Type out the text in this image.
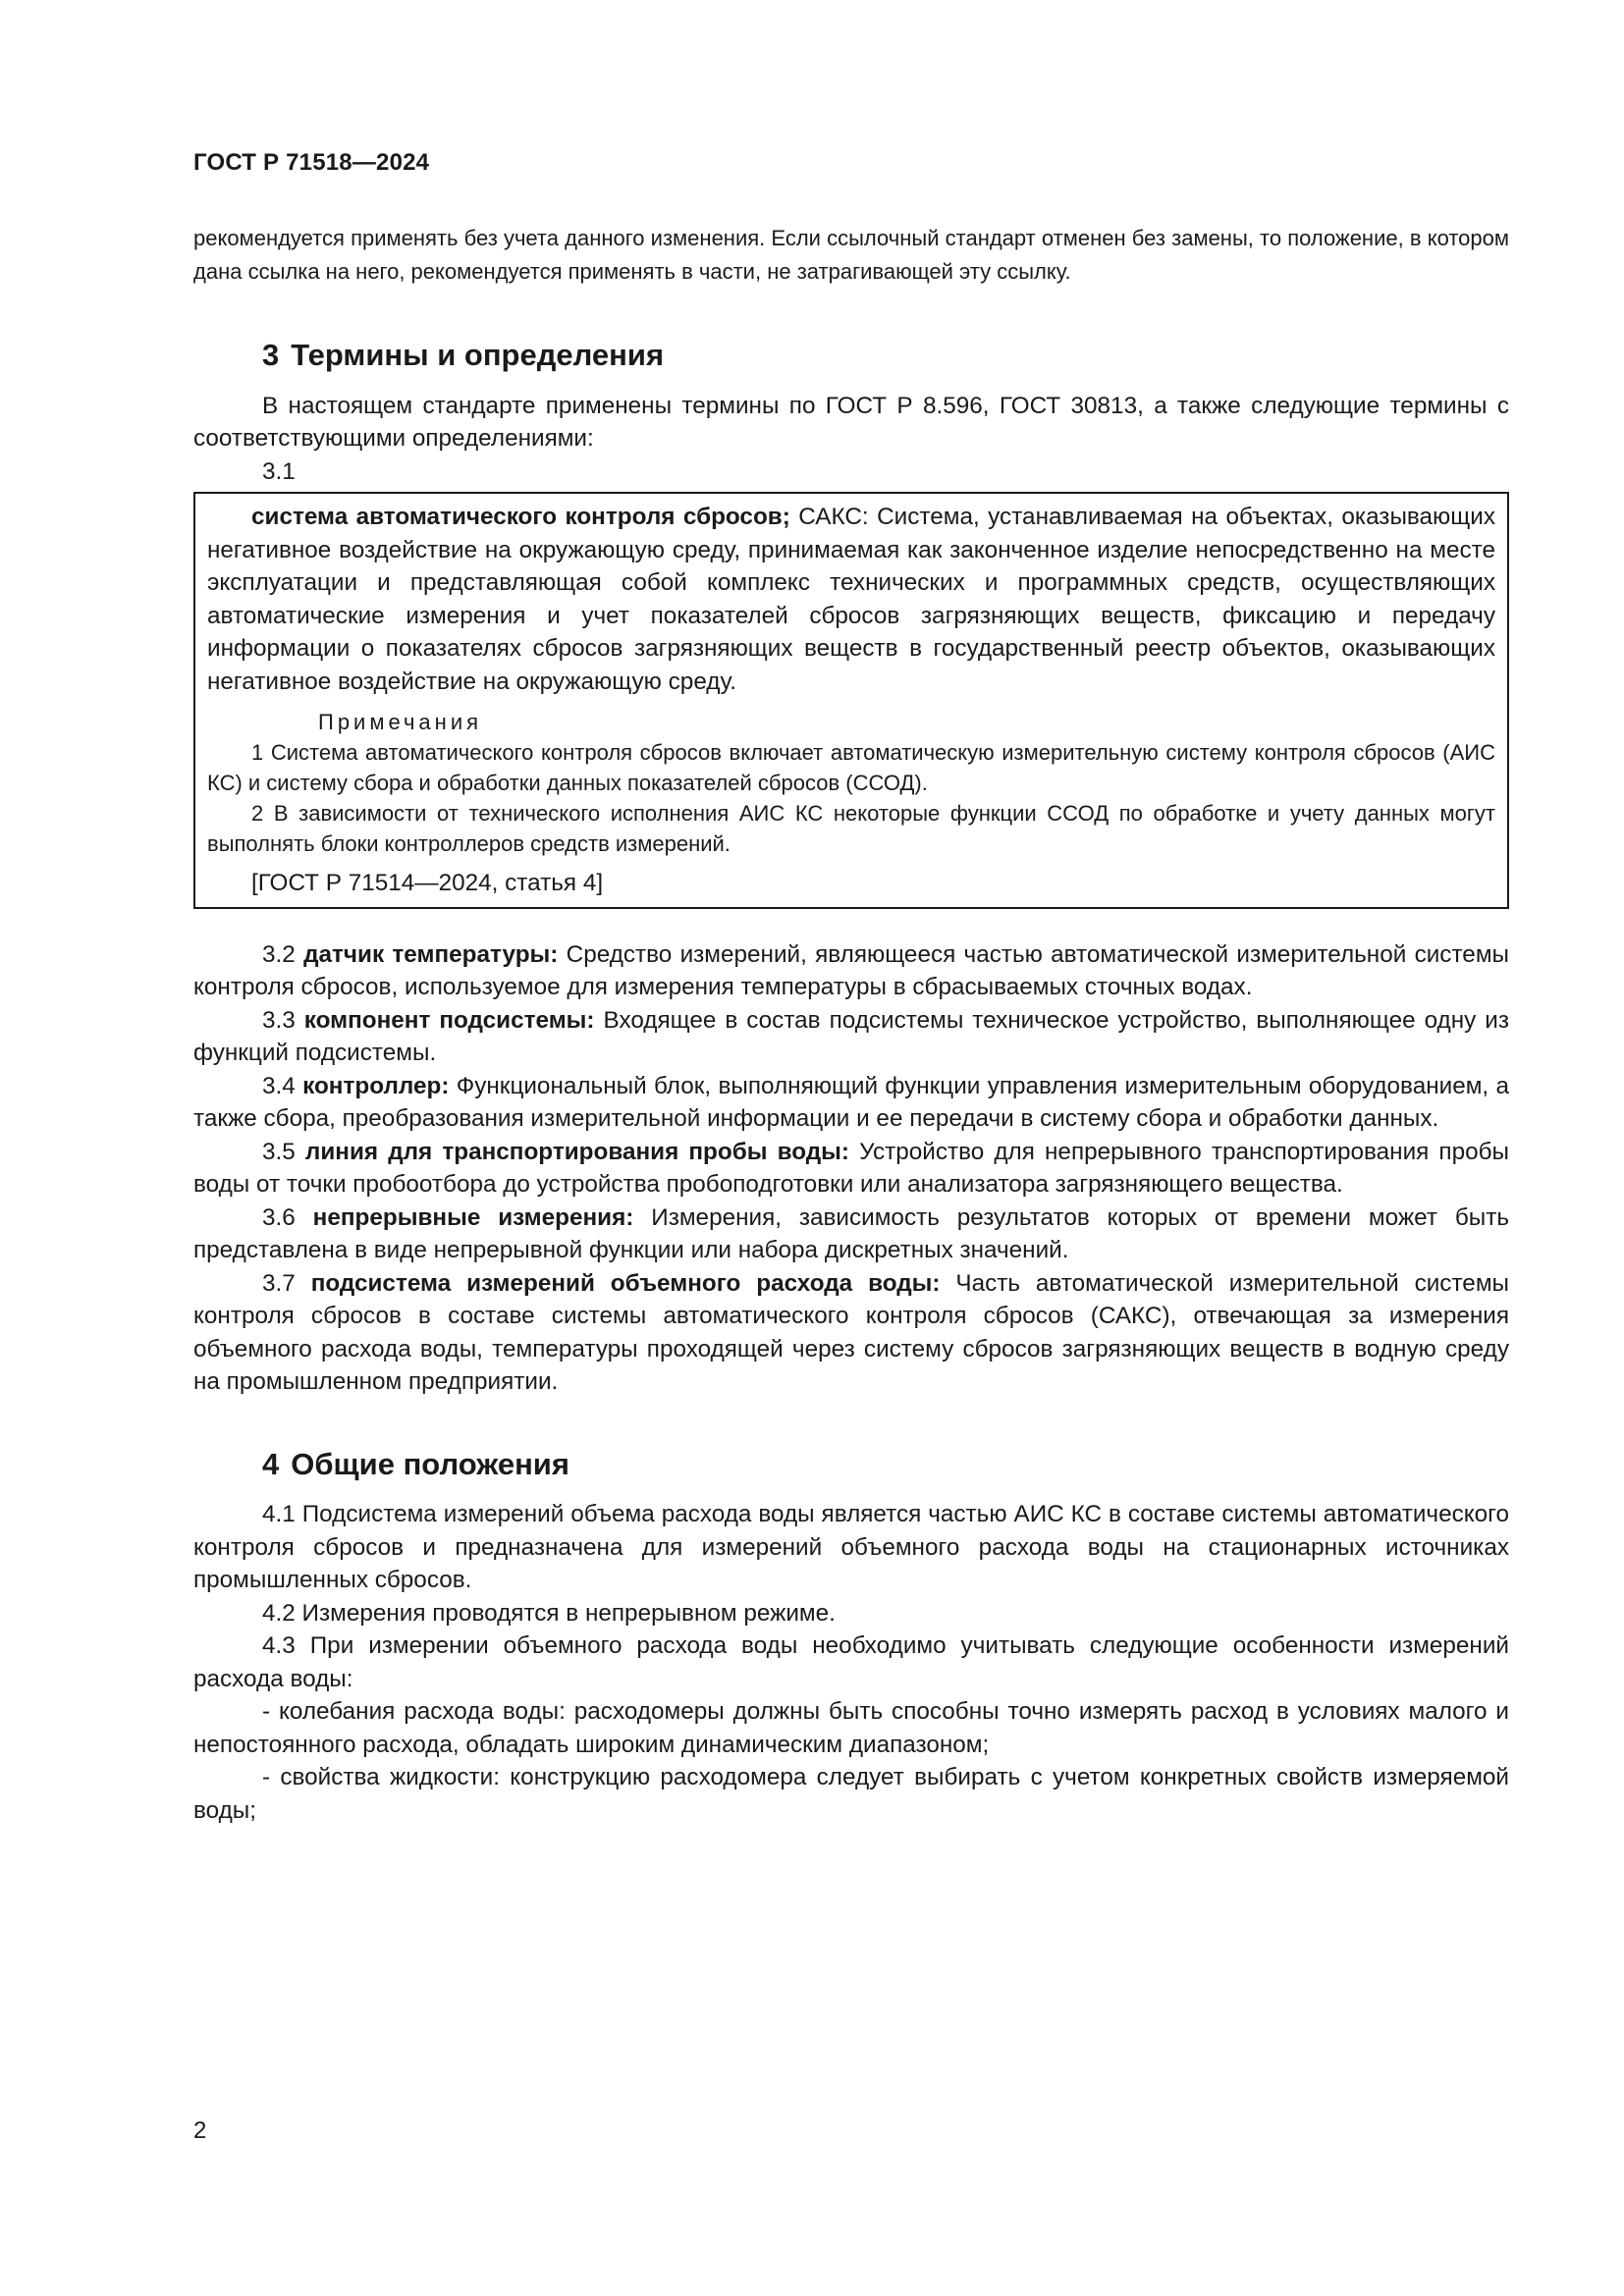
ГОСТ Р 71518—2024

рекомендуется применять без учета данного изменения. Если ссылочный стандарт отменен без замены, то положение, в котором дана ссылка на него, рекомендуется применять в части, не затрагивающей эту ссылку.

3 Термины и определения

В настоящем стандарте применены термины по ГОСТ Р 8.596, ГОСТ 30813, а также следующие термины с соответствующими определениями:

3.1

система автоматического контроля сбросов; САКС: Система, устанавливаемая на объектах, оказывающих негативное воздействие на окружающую среду, принимаемая как законченное изделие непосредственно на месте эксплуатации и представляющая собой комплекс технических и программных средств, осуществляющих автоматические измерения и учет показателей сбросов загрязняющих веществ, фиксацию и передачу информации о показателях сбросов загрязняющих веществ в государственный реестр объектов, оказывающих негативное воздействие на окружающую среду.

Примечания

1 Система автоматического контроля сбросов включает автоматическую измерительную систему контроля сбросов (АИС КС) и систему сбора и обработки данных показателей сбросов (ССОД).

2 В зависимости от технического исполнения АИС КС некоторые функции ССОД по обработке и учету данных могут выполнять блоки контроллеров средств измерений.

[ГОСТ Р 71514—2024, статья 4]

3.2 датчик температуры: Средство измерений, являющееся частью автоматической измерительной системы контроля сбросов, используемое для измерения температуры в сбрасываемых сточных водах.

3.3 компонент подсистемы: Входящее в состав подсистемы техническое устройство, выполняющее одну из функций подсистемы.

3.4 контроллер: Функциональный блок, выполняющий функции управления измерительным оборудованием, а также сбора, преобразования измерительной информации и ее передачи в систему сбора и обработки данных.

3.5 линия для транспортирования пробы воды: Устройство для непрерывного транспортирования пробы воды от точки пробоотбора до устройства пробоподготовки или анализатора загрязняющего вещества.

3.6 непрерывные измерения: Измерения, зависимость результатов которых от времени может быть представлена в виде непрерывной функции или набора дискретных значений.

3.7 подсистема измерений объемного расхода воды: Часть автоматической измерительной системы контроля сбросов в составе системы автоматического контроля сбросов (САКС), отвечающая за измерения объемного расхода воды, температуры проходящей через систему сбросов загрязняющих веществ в водную среду на промышленном предприятии.

4 Общие положения

4.1 Подсистема измерений объема расхода воды является частью АИС КС в составе системы автоматического контроля сбросов и предназначена для измерений объемного расхода воды на стационарных источниках промышленных сбросов.

4.2 Измерения проводятся в непрерывном режиме.

4.3 При измерении объемного расхода воды необходимо учитывать следующие особенности измерений расхода воды:

- колебания расхода воды: расходомеры должны быть способны точно измерять расход в условиях малого и непостоянного расхода, обладать широким динамическим диапазоном;

- свойства жидкости: конструкцию расходомера следует выбирать с учетом конкретных свойств измеряемой воды;

2
